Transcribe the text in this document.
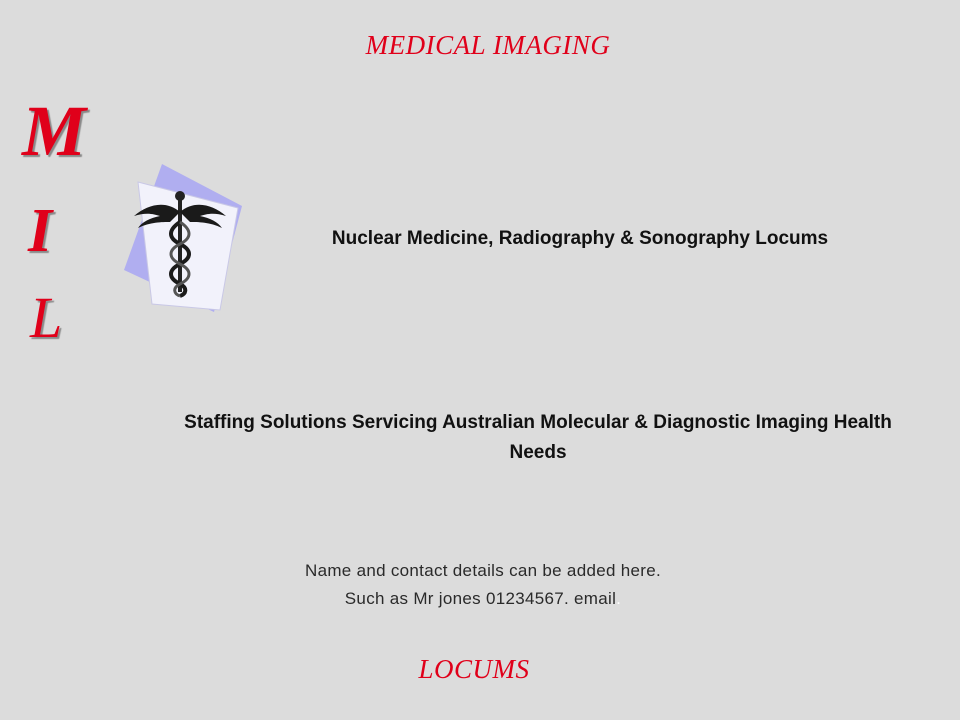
MEDICAL IMAGING
M
I
L
Nuclear Medicine, Radiography & Sonography Locums
Staffing Solutions Servicing Australian Molecular & Diagnostic Imaging Health
Needs
Name and contact details can be added here.
Such as Mr jones 01234567. email.
LOCUMS
